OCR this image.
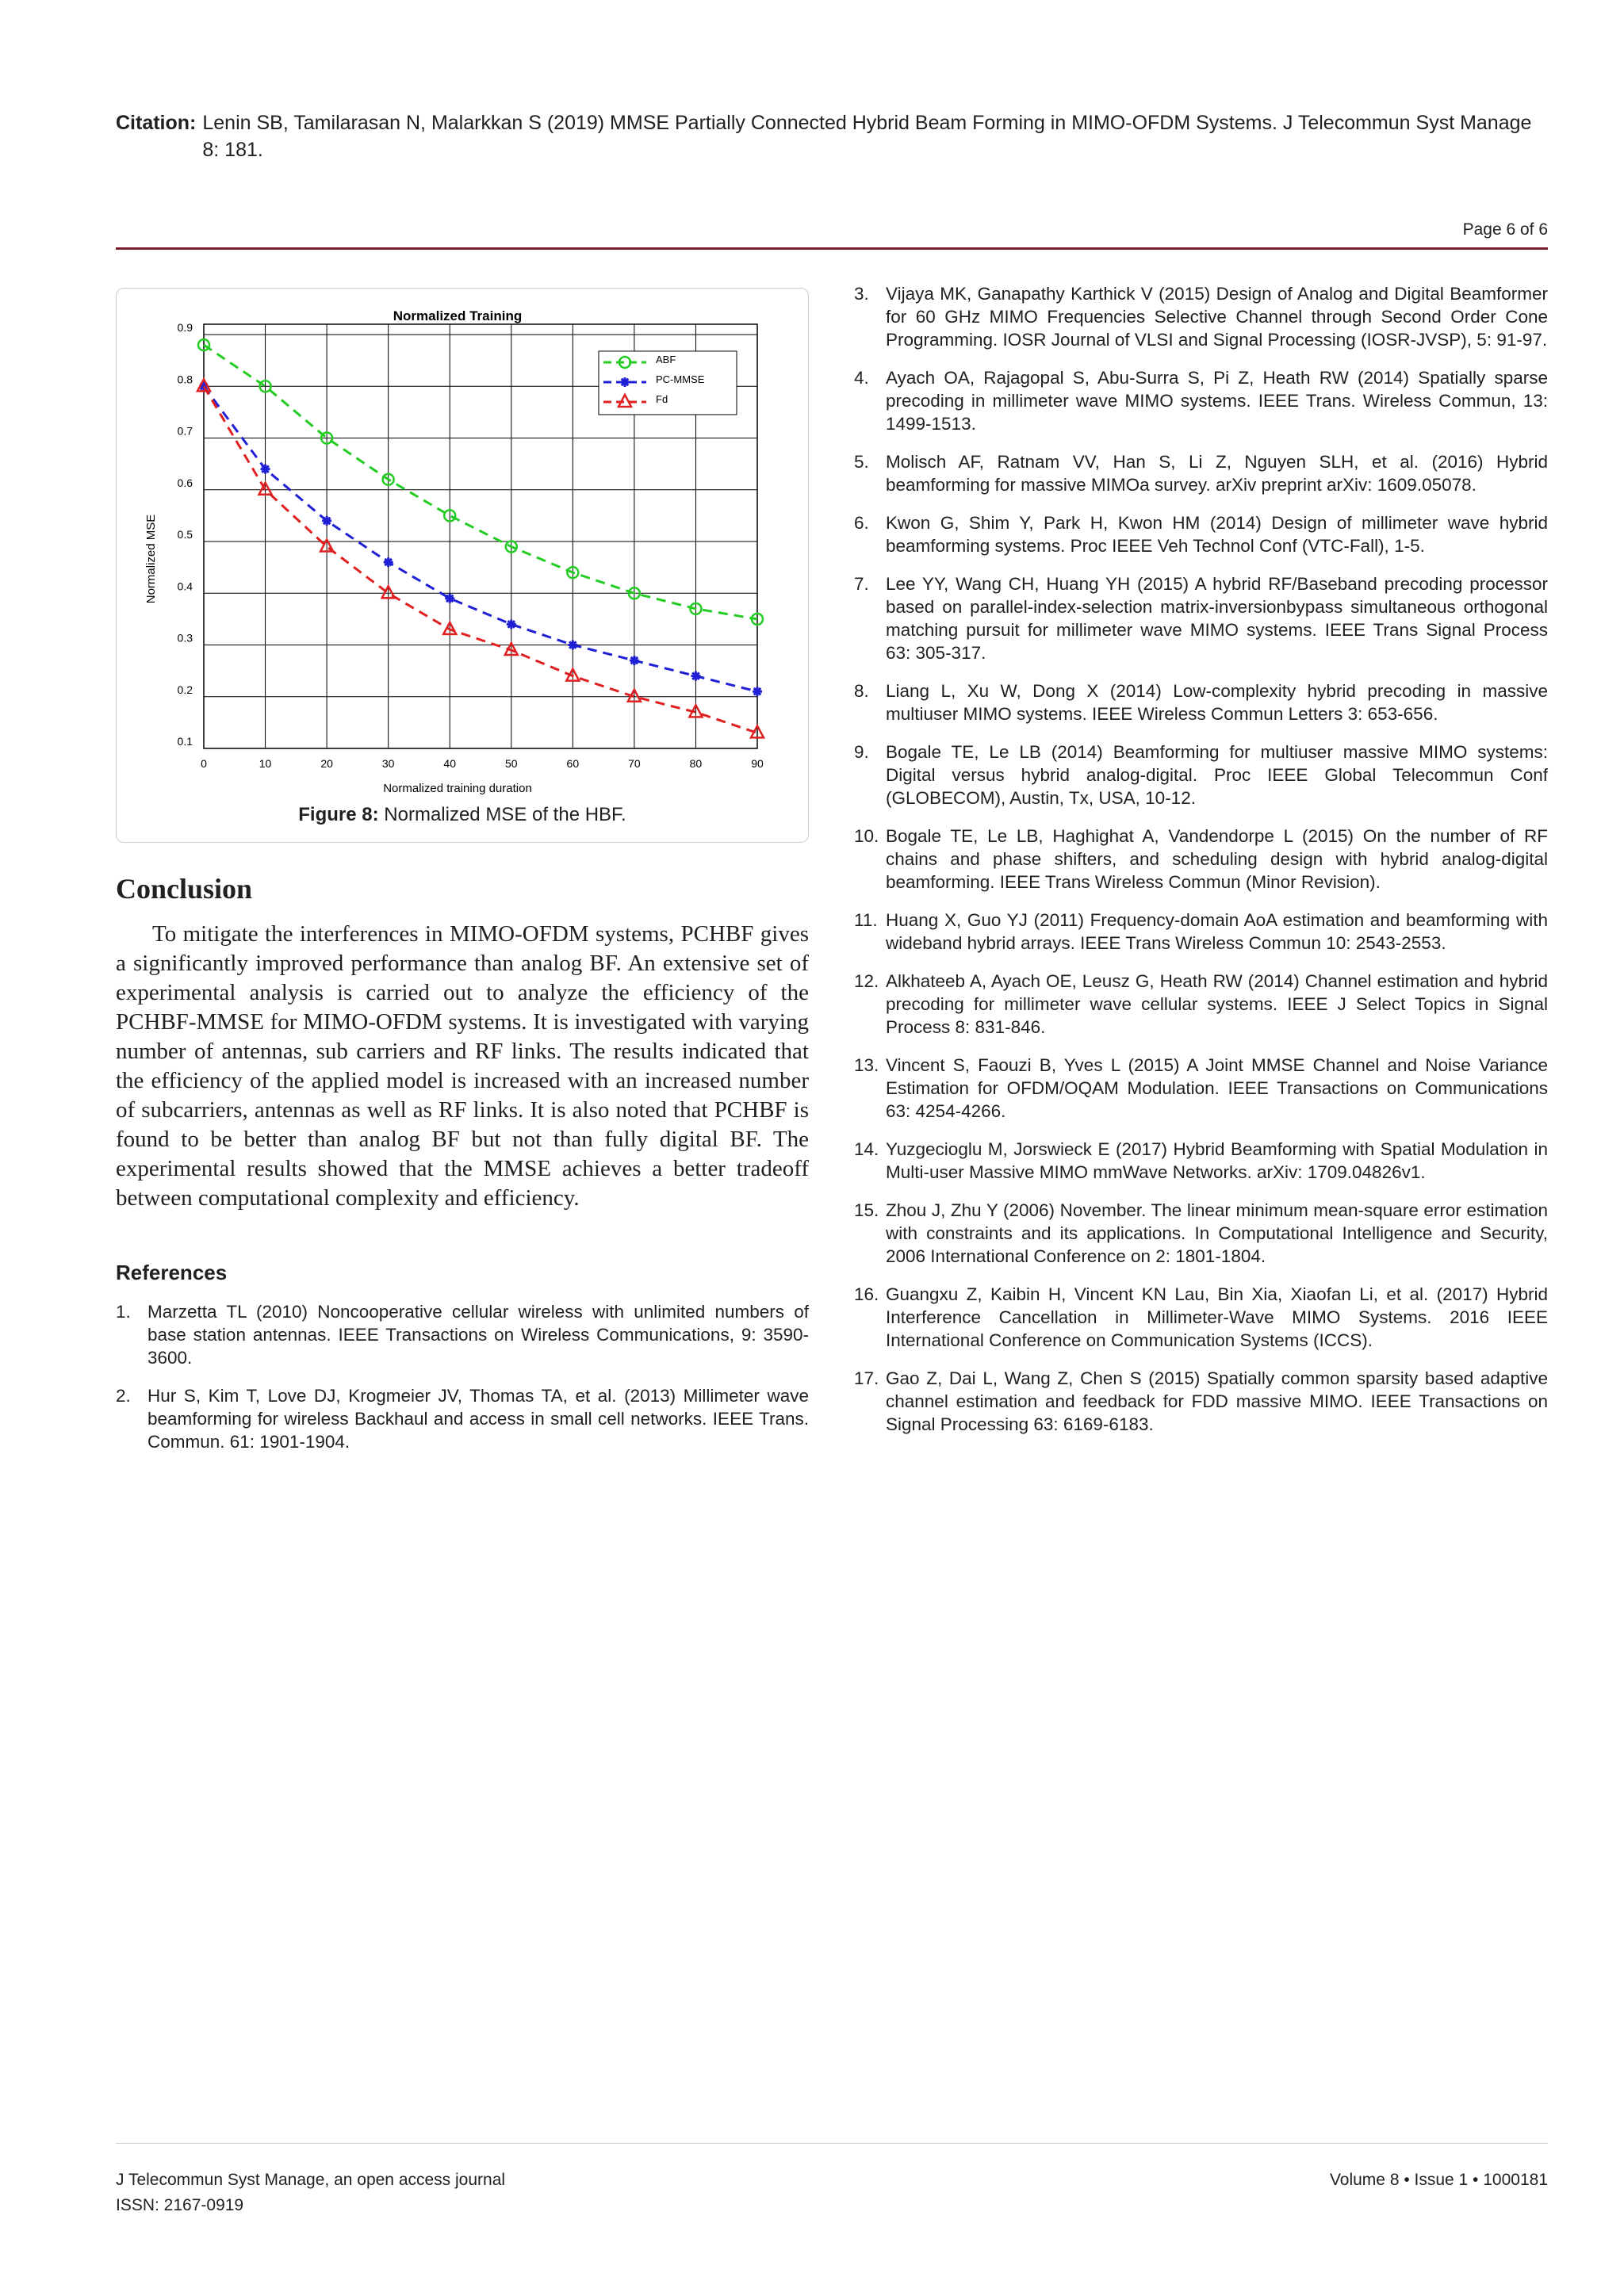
Citation: Lenin SB, Tamilarasan N, Malarkkan S (2019) MMSE Partially Connected Hybrid Beam Forming in MIMO-OFDM Systems. J Telecommun Syst Manage 8: 181.
Page 6 of 6
Normalized Training
Normalized training duration
Normalized MSE
0	10	20	30	40	50	60	70	80	90
0.1
0.2
0.3
0.4
0.5
0.6
0.7
0.8
0.9
ABF
PC-MMSE
Fd
Figure 8: Normalized MSE of the HBF.
Conclusion

To mitigate the interferences in MIMO-OFDM systems, PCHBF gives a significantly improved performance than analog BF. An extensive set of experimental analysis is carried out to analyze the efficiency of the PCHBF-MMSE for MIMO-OFDM systems. It is investigated with varying number of antennas, sub carriers and RF links. The results indicated that the efficiency of the applied model is increased with an increased number of subcarriers, antennas as well as RF links. It is also noted that PCHBF is found to be better than analog BF but not than fully digital BF. The experimental results showed that the MMSE achieves a better tradeoff between computational complexity and efficiency.

References
1. Marzetta TL (2010) Noncooperative cellular wireless with unlimited numbers of base station antennas. IEEE Transactions on Wireless Communications, 9: 3590-3600.
2. Hur S, Kim T, Love DJ, Krogmeier JV, Thomas TA, et al. (2013) Millimeter wave beamforming for wireless Backhaul and access in small cell networks. IEEE Trans. Commun. 61: 1901-1904.
3. Vijaya MK, Ganapathy Karthick V (2015) Design of Analog and Digital Beamformer for 60 GHz MIMO Frequencies Selective Channel through Second Order Cone Programming. IOSR Journal of VLSI and Signal Processing (IOSR-JVSP), 5: 91-97.
4. Ayach OA, Rajagopal S, Abu-Surra S, Pi Z, Heath RW (2014) Spatially sparse precoding in millimeter wave MIMO systems. IEEE Trans. Wireless Commun, 13: 1499-1513.
5. Molisch AF, Ratnam VV, Han S, Li Z, Nguyen SLH, et al. (2016) Hybrid beamforming for massive MIMOa survey. arXiv preprint arXiv: 1609.05078.
6. Kwon G, Shim Y, Park H, Kwon HM (2014) Design of millimeter wave hybrid beamforming systems. Proc IEEE Veh Technol Conf (VTC-Fall), 1-5.
7. Lee YY, Wang CH, Huang YH (2015) A hybrid RF/Baseband precoding processor based on parallel-index-selection matrix-inversionbypass simultaneous orthogonal matching pursuit for millimeter wave MIMO systems. IEEE Trans Signal Process 63: 305-317.
8. Liang L, Xu W, Dong X (2014) Low-complexity hybrid precoding in massive multiuser MIMO systems. IEEE Wireless Commun Letters 3: 653-656.
9. Bogale TE, Le LB (2014) Beamforming for multiuser massive MIMO systems: Digital versus hybrid analog-digital. Proc IEEE Global Telecommun Conf (GLOBECOM), Austin, Tx, USA, 10-12.
10. Bogale TE, Le LB, Haghighat A, Vandendorpe L (2015) On the number of RF chains and phase shifters, and scheduling design with hybrid analog-digital beamforming. IEEE Trans Wireless Commun (Minor Revision).
11. Huang X, Guo YJ (2011) Frequency-domain AoA estimation and beamforming with wideband hybrid arrays. IEEE Trans Wireless Commun 10: 2543-2553.
12. Alkhateeb A, Ayach OE, Leusz G, Heath RW (2014) Channel estimation and hybrid precoding for millimeter wave cellular systems. IEEE J Select Topics in Signal Process 8: 831-846.
13. Vincent S, Faouzi B, Yves L (2015) A Joint MMSE Channel and Noise Variance Estimation for OFDM/OQAM Modulation. IEEE Transactions on Communications 63: 4254-4266.
14. Yuzgecioglu M, Jorswieck E (2017) Hybrid Beamforming with Spatial Modulation in Multi-user Massive MIMO mmWave Networks. arXiv: 1709.04826v1.
15. Zhou J, Zhu Y (2006) November. The linear minimum mean-square error estimation with constraints and its applications. In Computational Intelligence and Security, 2006 International Conference on 2: 1801-1804.
16. Guangxu Z, Kaibin H, Vincent KN Lau, Bin Xia, Xiaofan Li, et al. (2017) Hybrid Interference Cancellation in Millimeter-Wave MIMO Systems. 2016 IEEE International Conference on Communication Systems (ICCS).
17. Gao Z, Dai L, Wang Z, Chen S (2015) Spatially common sparsity based adaptive channel estimation and feedback for FDD massive MIMO. IEEE Transactions on Signal Processing 63: 6169-6183.
J Telecommun Syst Manage, an open access journal
ISSN: 2167-0919
Volume 8 • Issue 1 • 1000181
